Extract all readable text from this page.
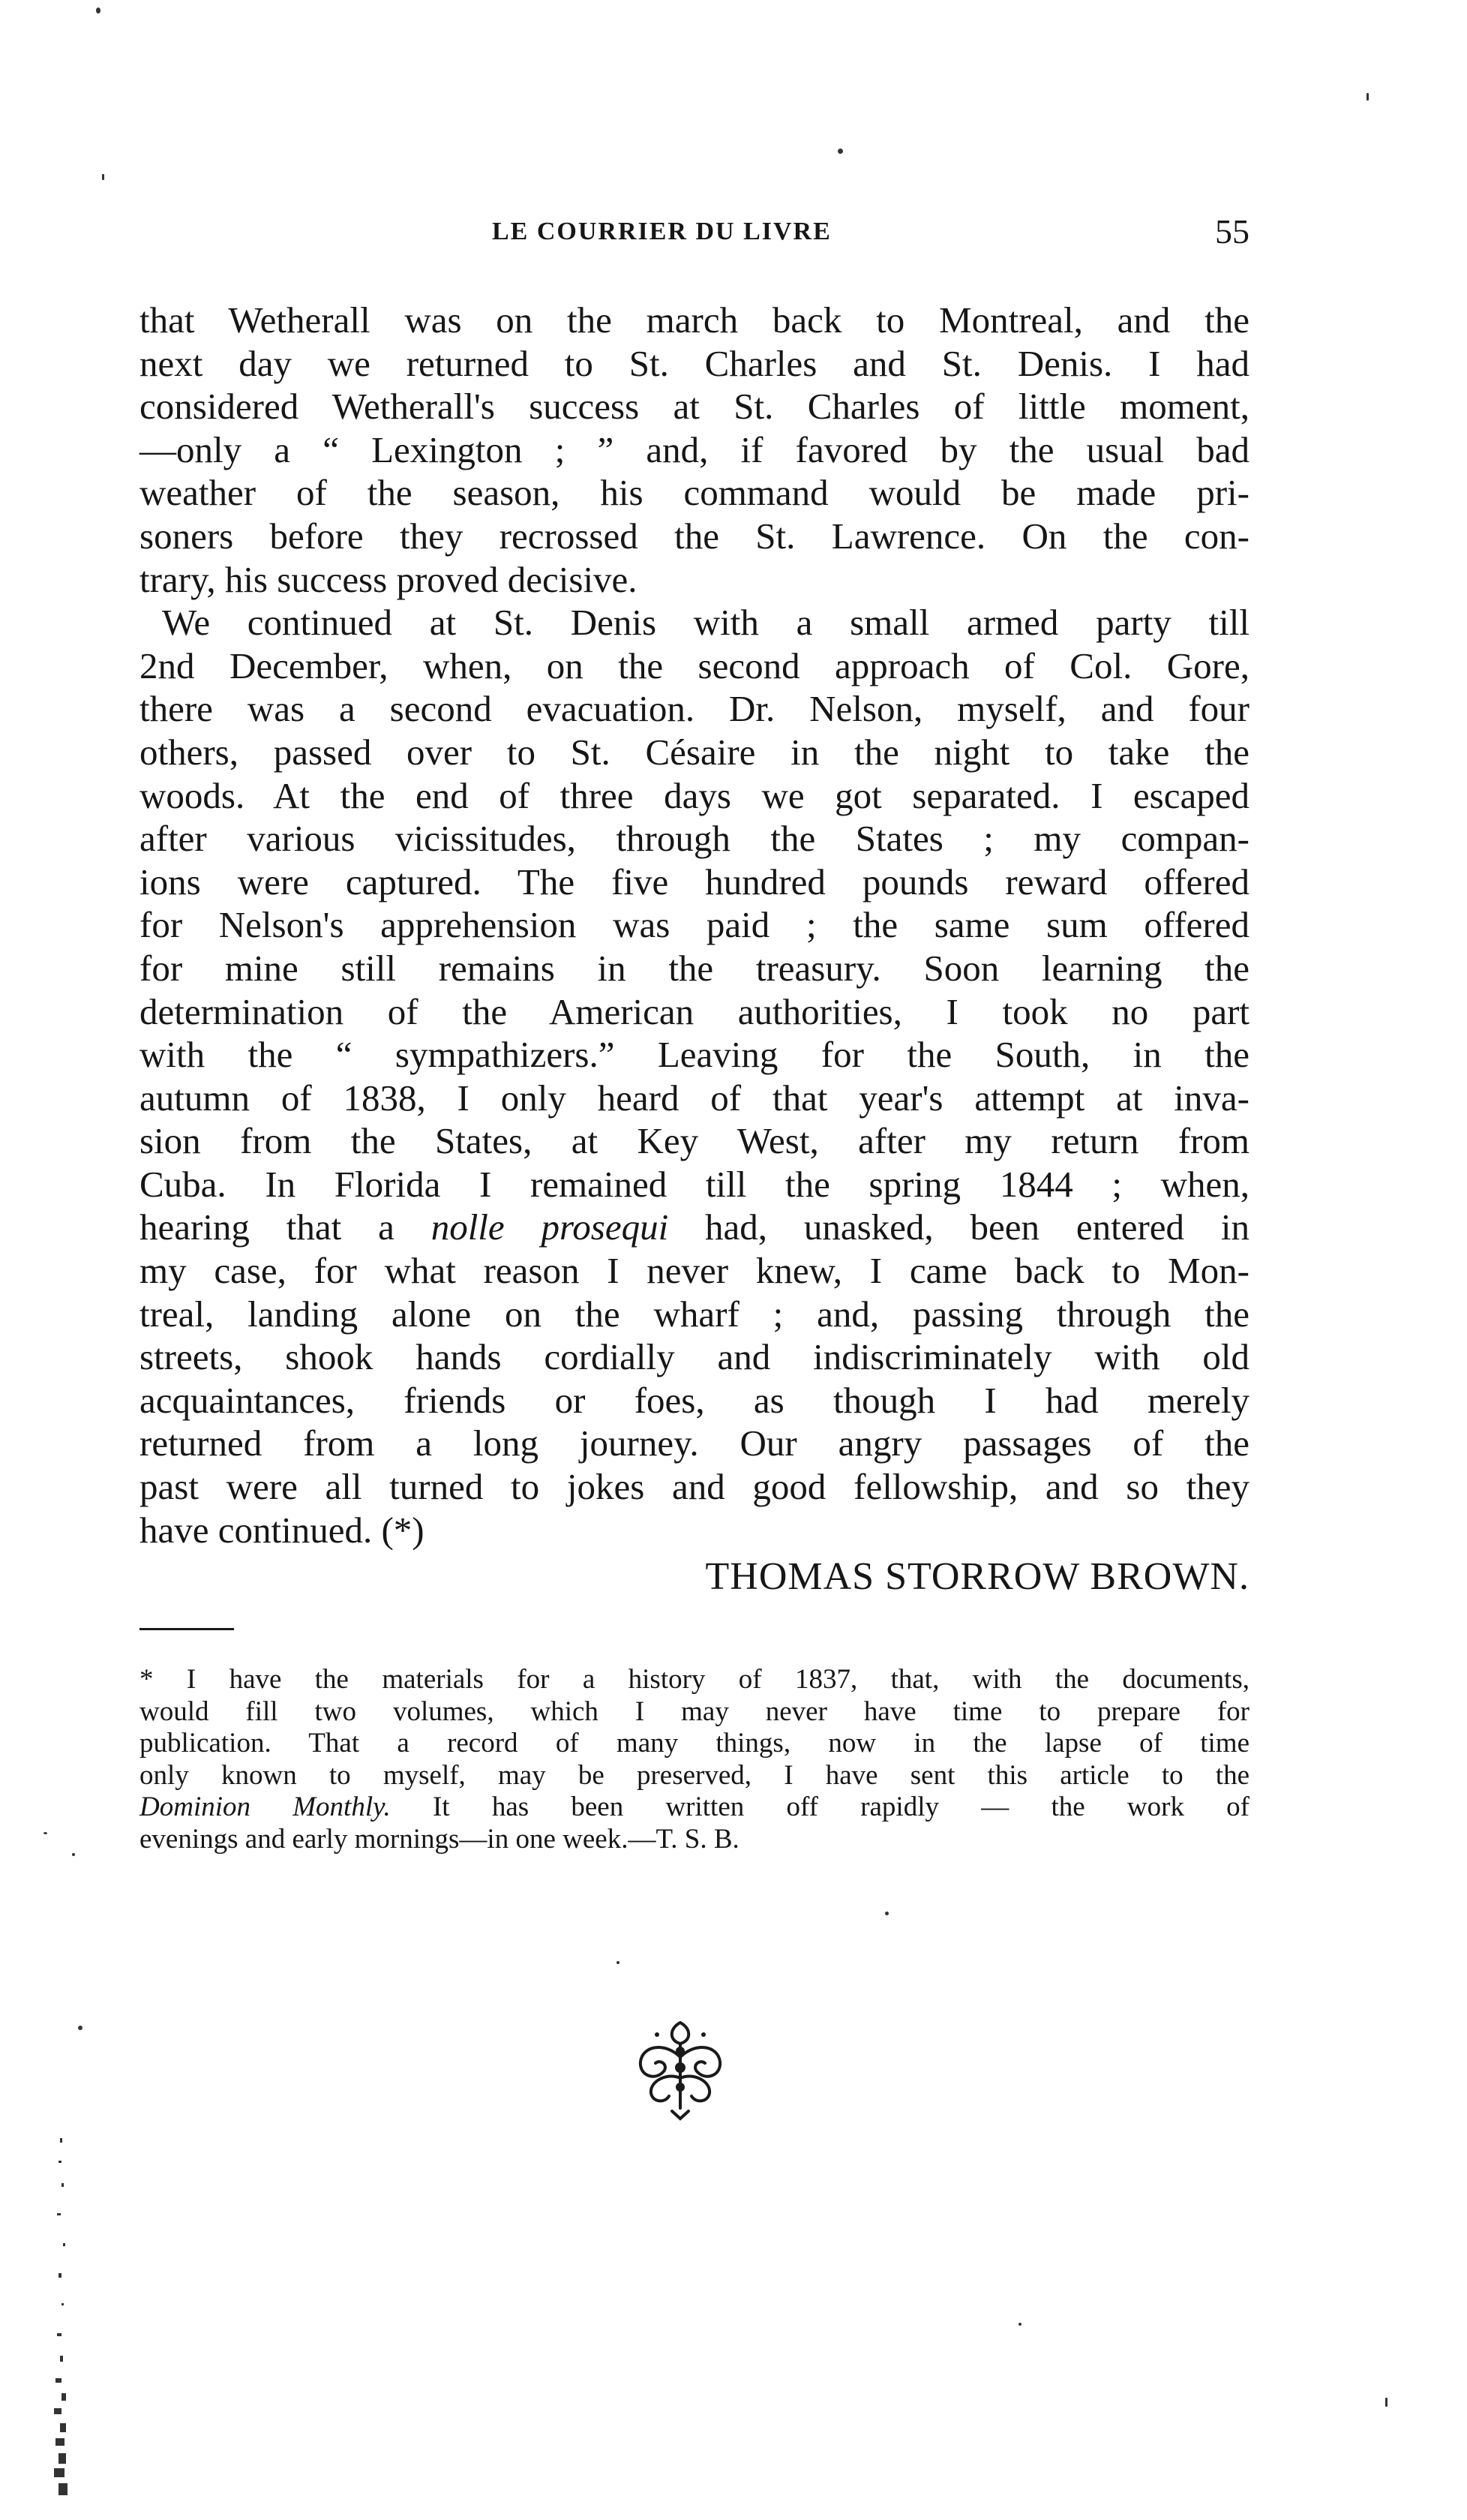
LE COURRIER DU LIVRE	55
that Wetherall was on the march back to Montreal, and the
next day we returned to St. Charles and St. Denis. I had
considered Wetherall's success at St. Charles of little moment,
—only a “ Lexington ; ” and, if favored by the usual bad
weather of the season, his command would be made pri-
soners before they recrossed the St. Lawrence. On the con-
trary, his success proved decisive.
We continued at St. Denis with a small armed party till
2nd December, when, on the second approach of Col. Gore,
there was a second evacuation. Dr. Nelson, myself, and four
others, passed over to St. Césaire in the night to take the
woods. At the end of three days we got separated. I escaped
after various vicissitudes, through the States ; my compan-
ions were captured. The five hundred pounds reward offered
for Nelson's apprehension was paid ; the same sum offered
for mine still remains in the treasury. Soon learning the
determination of the American authorities, I took no part
with the “ sympathizers.” Leaving for the South, in the
autumn of 1838, I only heard of that year's attempt at inva-
sion from the States, at Key West, after my return from
Cuba. In Florida I remained till the spring 1844 ; when,
hearing that a nolle prosequi had, unasked, been entered in
my case, for what reason I never knew, I came back to Mon-
treal, landing alone on the wharf ; and, passing through the
streets, shook hands cordially and indiscriminately with old
acquaintances, friends or foes, as though I had merely
returned from a long journey. Our angry passages of the
past were all turned to jokes and good fellowship, and so they
have continued. (*)
THOMAS STORROW BROWN.
* I have the materials for a history of 1837, that, with the documents,
would fill two volumes, which I may never have time to prepare for
publication. That a record of many things, now in the lapse of time
only known to myself, may be preserved, I have sent this article to the
Dominion Monthly. It has been written off rapidly — the work of
evenings and early mornings—in one week.—T. S. B.
